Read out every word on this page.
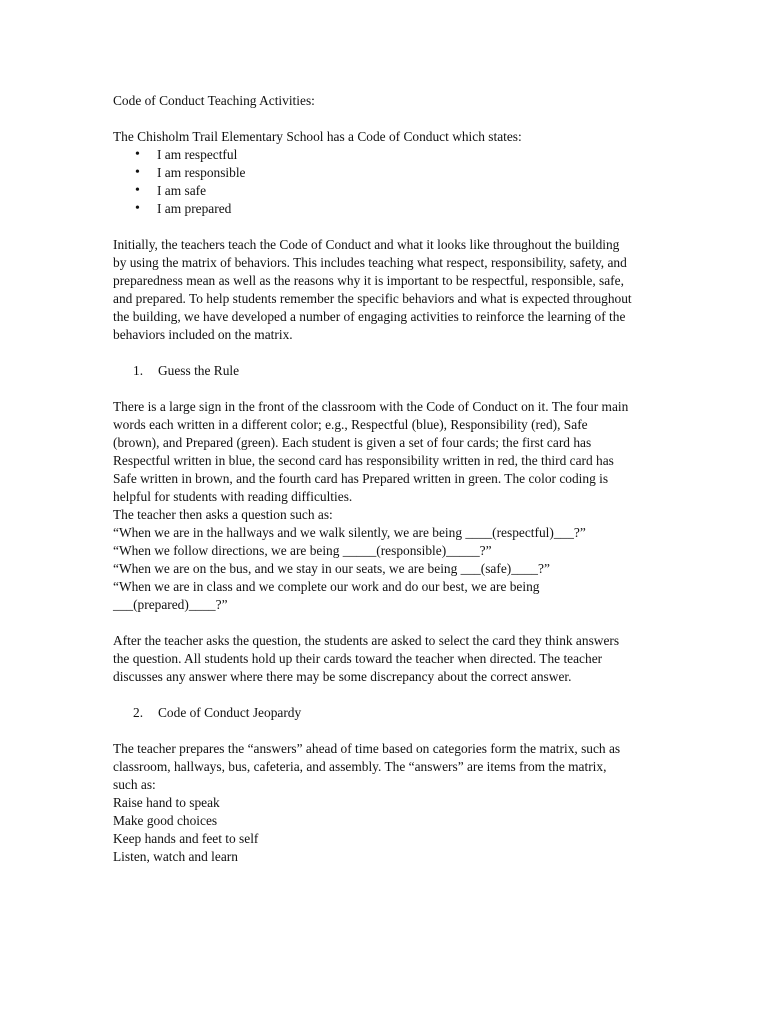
Code of Conduct Teaching Activities:

The Chisholm Trail Elementary School has a Code of Conduct which states:

• I am respectful
• I am responsible
• I am safe
• I am prepared

Initially, the teachers teach the Code of Conduct and what it looks like throughout the building by using the matrix of behaviors. This includes teaching what respect, responsibility, safety, and preparedness mean as well as the reasons why it is important to be respectful, responsible, safe, and prepared. To help students remember the specific behaviors and what is expected throughout the building, we have developed a number of engaging activities to reinforce the learning of the behaviors included on the matrix.

1. Guess the Rule

There is a large sign in the front of the classroom with the Code of Conduct on it. The four main words each written in a different color; e.g., Respectful (blue), Responsibility (red), Safe (brown), and Prepared (green). Each student is given a set of four cards; the first card has Respectful written in blue, the second card has responsibility written in red, the third card has Safe written in brown, and the fourth card has Prepared written in green. The color coding is helpful for students with reading difficulties.

The teacher then asks a question such as:

“When we are in the hallways and we walk silently, we are being ____(respectful)___?”
“When we follow directions, we are being _____(responsible)_____?”
“When we are on the bus, and we stay in our seats, we are being ___(safe)____?”

“When we are in class and we complete our work and do our best, we are being ___(prepared)____?”

After the teacher asks the question, the students are asked to select the card they think answers the question. All students hold up their cards toward the teacher when directed. The teacher discusses any answer where there may be some discrepancy about the correct answer.

2. Code of Conduct Jeopardy

The teacher prepares the “answers” ahead of time based on categories form the matrix, such as classroom, hallways, bus, cafeteria, and assembly. The “answers” are items from the matrix, such as:

Raise hand to speak
Make good choices
Keep hands and feet to self
Listen, watch and learn
